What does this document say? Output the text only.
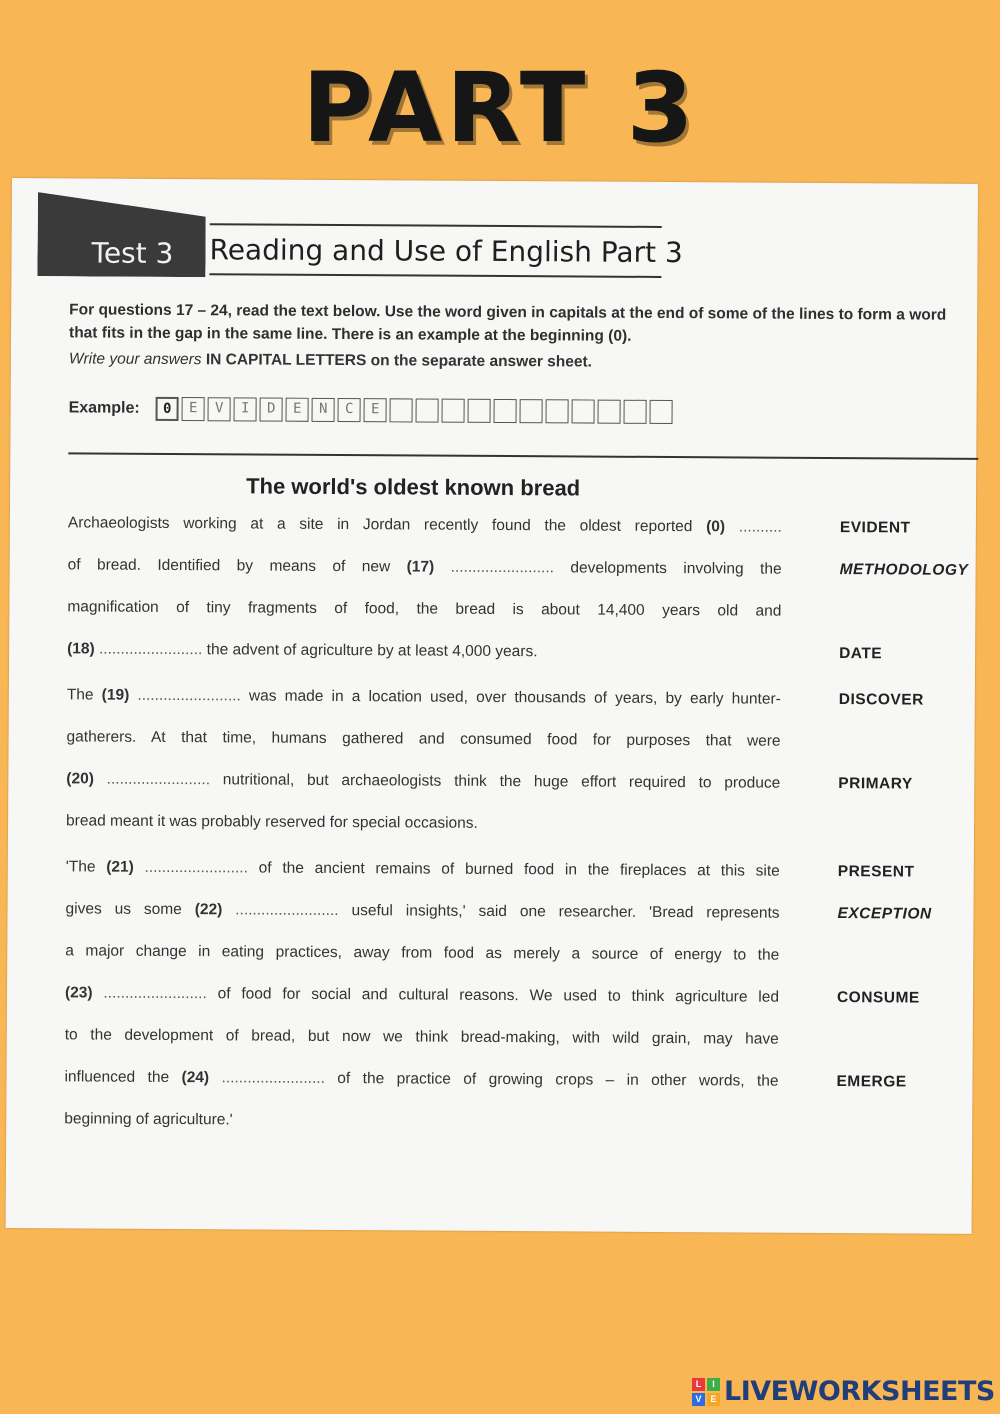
PART 3
Test 3 Reading and Use of English Part 3
For questions 17 – 24, read the text below. Use the word given in capitals at the end of some of the lines to form a word that fits in the gap in the same line. There is an example at the beginning (0).
Write your answers IN CAPITAL LETTERS on the separate answer sheet.
Example:	0	E	V	I	D	E	N	C	E
The world's oldest known bread
Archaeologists working at a site in Jordan recently found the oldest reported (0) ..........	EVIDENT
of bread. Identified by means of new (17) ........................ developments involving the	METHODOLOGY
magnification of tiny fragments of food, the bread is about 14,400 years old and
(18) ........................ the advent of agriculture by at least 4,000 years.	DATE
The (19) ........................ was made in a location used, over thousands of years, by early hunter-	DISCOVER
gatherers. At that time, humans gathered and consumed food for purposes that were
(20) ........................ nutritional, but archaeologists think the huge effort required to produce	PRIMARY
bread meant it was probably reserved for special occasions.
'The (21) ........................ of the ancient remains of burned food in the fireplaces at this site	PRESENT
gives us some (22) ........................ useful insights,' said one researcher. 'Bread represents	EXCEPTION
a major change in eating practices, away from food as merely a source of energy to the
(23) ........................ of food for social and cultural reasons. We used to think agriculture led	CONSUME
to the development of bread, but now we think bread-making, with wild grain, may have
influenced the (24) ........................ of the practice of growing crops – in other words, the	EMERGE
beginning of agriculture.'
L	I
V E LIVEWORKSHEETS
